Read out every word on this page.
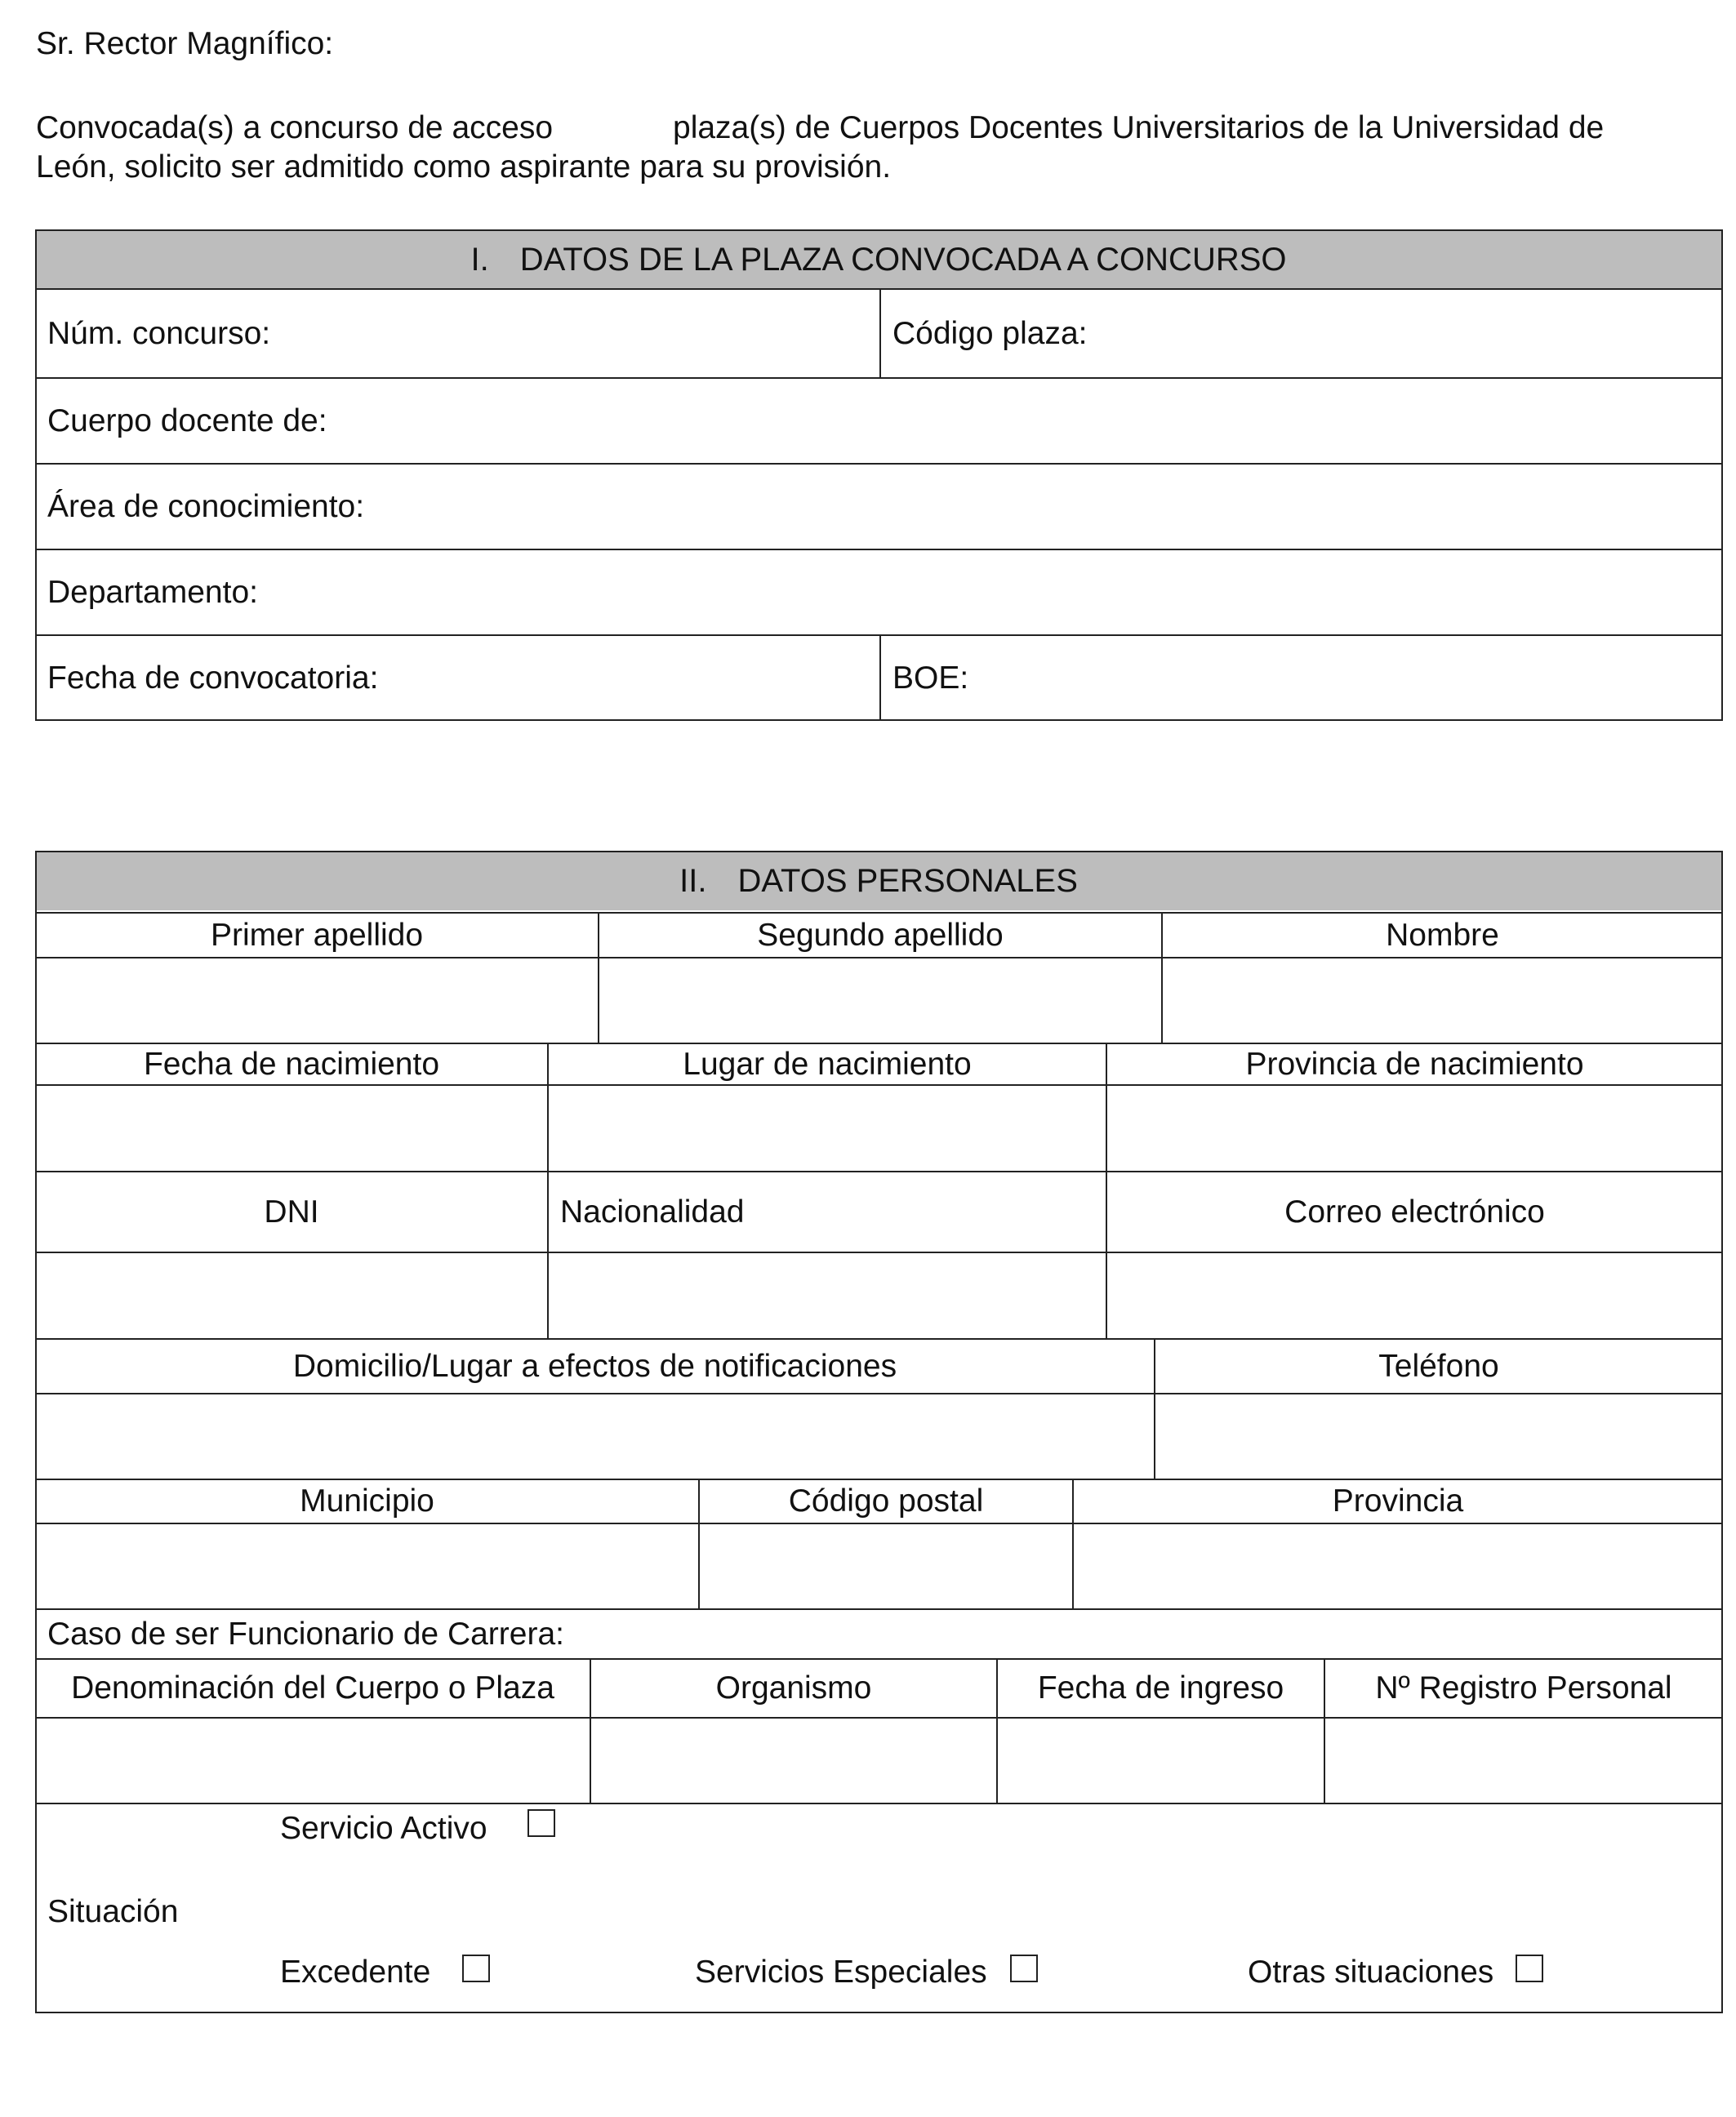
Sr. Rector Magnífico:
Convocada(s) a concurso de acceso	plaza(s) de Cuerpos Docentes Universitarios de la Universidad de
León, solicito ser admitido como aspirante para su provisión.
I. DATOS DE LA PLAZA CONVOCADA A CONCURSO
Núm. concurso:	Código plaza:
Cuerpo docente de:
Área de conocimiento:
Departamento:
Fecha de convocatoria:	BOE:
II. DATOS PERSONALES
Primer apellido	Segundo apellido	Nombre
Fecha de nacimiento	Lugar de nacimiento	Provincia de nacimiento
DNI	Nacionalidad	Correo electrónico
Domicilio/Lugar a efectos de notificaciones	Teléfono
Municipio	Código postal	Provincia
Caso de ser Funcionario de Carrera:
Denominación del Cuerpo o Plaza	Organismo	Fecha de ingreso	Nº Registro Personal
Servicio Activo
Situación
Excedente	Servicios Especiales	Otras situaciones
